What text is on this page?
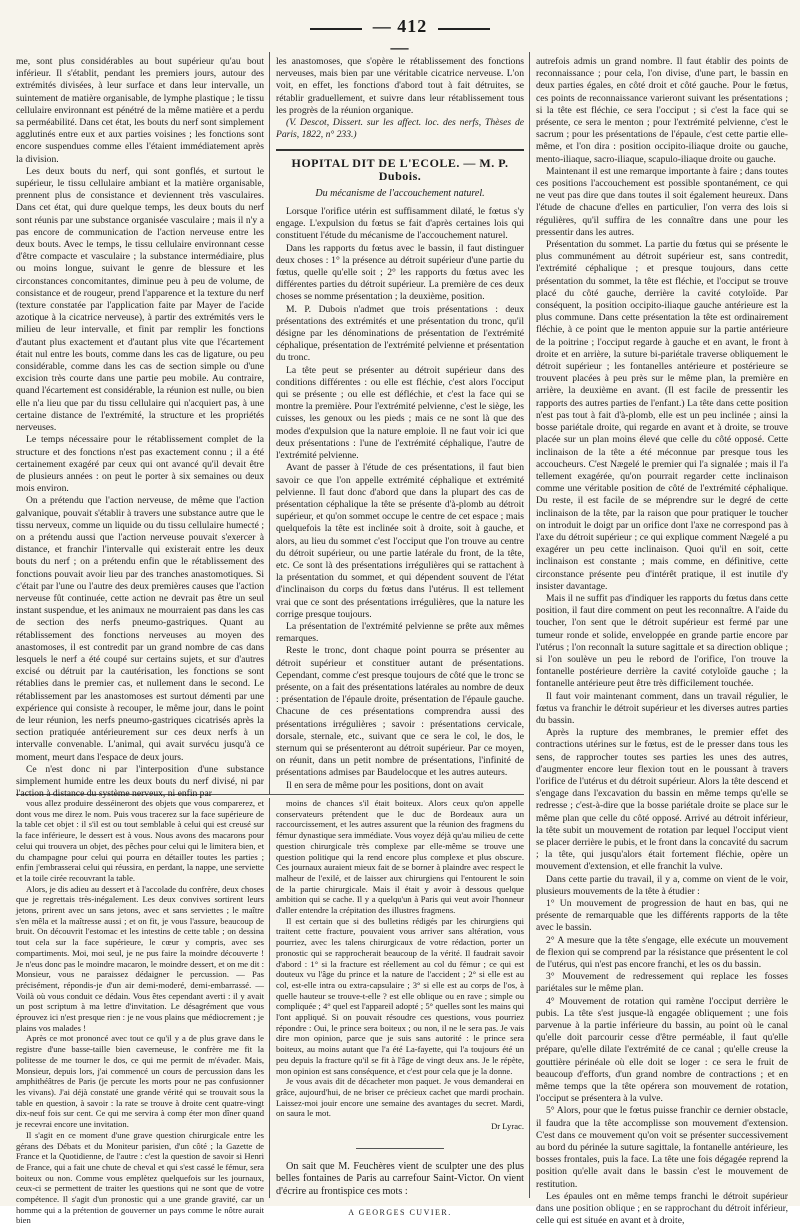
— 412 —

me, sont plus considérables au bout supérieur qu'au bout inférieur. Il s'établit, pendant les premiers jours, autour des extrémités divisées, à leur surface et dans leur intervalle, un suintement de matière organisable, de lymphe plastique ; le tissu cellulaire environnant est pénétré de la même matière et a perdu sa perméabilité. Dans cet état, les bouts du nerf sont simplement agglutinés entre eux et aux parties voisines ; les fonctions sont encore suspendues comme elles l'étaient immédiatement après la division.

Les deux bouts du nerf, qui sont gonflés, et surtout le supérieur, le tissu cellulaire ambiant et la matière organisable, prennent plus de consistance et deviennent très vasculaires. Dans cet état, qui dure quelque temps, les deux bouts du nerf sont réunis par une substance organisée vasculaire ; mais il n'y a pas encore de communication de l'action nerveuse entre les deux bouts. Avec le temps, le tissu cellulaire environnant cesse d'être compacte et vasculaire ; la substance intermédiaire, plus ou moins longue, suivant le genre de blessure et les circonstances concomitantes, diminue peu à peu de volume, de consistance et de rougeur, prend l'apparence et la texture du nerf (texture constatée par l'application faite par Mayer de l'acide azotique à la cicatrice nerveuse), à partir des extrémités vers le milieu de leur intervalle, et finit par remplir les fonctions d'autant plus exactement et d'autant plus vite que l'écartement était nul entre les bouts, comme dans les cas de ligature, ou peu considérable, comme dans les cas de section simple ou d'une excision très courte dans une partie peu mobile. Au contraire, quand l'écartement est considérable, la réunion est nulle, ou bien elle n'a lieu que par du tissu cellulaire qui n'acquiert pas, à une certaine distance de l'extrémité, la structure et les propriétés nerveuses.

Le temps nécessaire pour le rétablissement complet de la structure et des fonctions n'est pas exactement connu ; il a été certainement exagéré par ceux qui ont avancé qu'il devait être de plusieurs années : on peut le porter à six semaines ou deux mois environ.

On a prétendu que l'action nerveuse, de même que l'action galvanique, pouvait s'établir à travers une substance autre que le tissu nerveux, comme un liquide ou du tissu cellulaire humecté ; on a prétendu aussi que l'action nerveuse pouvait s'exercer à distance, et franchir l'intervalle qui existerait entre les deux bouts du nerf ; on a prétendu enfin que le rétablissement des fonctions pouvait avoir lieu par des tranches anastomotiques. Si c'était par l'une ou l'autre des deux premières causes que l'action nerveuse fût continuée, cette action ne devrait pas être un seul instant suspendue, et les animaux ne mourraient pas dans les cas de section des nerfs pneumo-gastriques. Quant au rétablissement des fonctions nerveuses au moyen des anastomoses, il est contredit par un grand nombre de cas dans lesquels le nerf a été coupé sur certains sujets, et sur d'autres excisé ou détruit par la cautérisation, les fonctions se sont rétablies dans le premier cas, et nullement dans le second. Le rétablissement par les anastomoses est surtout démenti par une expérience qui consiste à recouper, le même jour, dans le point de leur réunion, les nerfs pneumo-gastriques cicatrisés après la section pratiquée antérieurement sur ces deux nerfs à un intervalle convenable. L'animal, qui avait survécu jusqu'à ce moment, meurt dans l'espace de deux jours.

Ce n'est donc ni par l'interposition d'une substance simplement humide entre les deux bouts du nerf divisé, ni par l'action à distance du système nerveux, ni enfin par

les anastomoses, que s'opère le rétablissement des fonctions nerveuses, mais bien par une véritable cicatrice nerveuse. L'on voit, en effet, les fonctions d'abord tout à fait détruites, se rétablir graduellement, et suivre dans leur rétablissement tous les progrès de la réunion organique.

(V. Descot, Dissert. sur les affect. loc. des nerfs, Thèses de Paris, 1822, n° 233.)

HOPITAL DIT DE L'ECOLE. — M. P. Dubois.
Du mécanisme de l'accouchement naturel.

Lorsque l'orifice utérin est suffisamment dilaté, le fœtus s'y engage. L'expulsion du fœtus se fait d'après certaines lois qui constituent l'étude du mécanisme de l'accouchement naturel.

Dans les rapports du fœtus avec le bassin, il faut distinguer deux choses : 1° la présence au détroit supérieur d'une partie du fœtus, quelle qu'elle soit ; 2° les rapports du fœtus avec les différentes parties du détroit supérieur. La première de ces deux choses se nomme présentation ; la deuxième, position.

M. P. Dubois n'admet que trois présentations : deux présentations des extrémités et une présentation du tronc, qu'il désigne par les dénominations de présentation de l'extrémité céphalique, présentation de l'extrémité pelvienne et présentation du tronc.

La tête peut se présenter au détroit supérieur dans des conditions différentes : ou elle est fléchie, c'est alors l'occiput qui se présente ; ou elle est défléchie, et c'est la face qui se montre la première. Pour l'extrémité pelvienne, c'est le siège, les cuisses, les genoux ou les pieds ; mais ce ne sont là que des modes d'expulsion que la nature emploie. Il ne faut voir ici que deux présentations : l'une de l'extrémité céphalique, l'autre de l'extrémité pelvienne.

Avant de passer à l'étude de ces présentations, il faut bien savoir ce que l'on appelle extrémité céphalique et extrémité pelvienne. Il faut donc d'abord que dans la plupart des cas de présentation céphalique la tête se présente d'à-plomb au détroit supérieur, et qu'on sommet occupe le centre de cet espace ; mais quelquefois la tête est inclinée soit à droite, soit à gauche, et alors, au lieu du sommet c'est l'occiput que l'on trouve au centre du détroit supérieur, ou une partie latérale du front, de la tête, etc. Ce sont là des présentations irrégulières qui se rattachent à la présentation du sommet, et qui dépendent souvent de l'état d'inclinaison du corps du fœtus dans l'utérus. Il est tellement vrai que ce sont des présentations irrégulières, que la nature les corrige presque toujours.

La présentation de l'extrémité pelvienne se prête aux mêmes remarques.

Reste le tronc, dont chaque point pourra se présenter au détroit supérieur et constituer autant de présentations. Cependant, comme c'est presque toujours de côté que le tronc se présente, on a fait des présentations latérales au nombre de deux : présentation de l'épaule droite, présentation de l'épaule gauche. Chacune de ces présentations comprendra aussi des présentations irrégulières ; savoir : présentations cervicale, dorsale, sternale, etc., suivant que ce sera le col, le dos, le sternum qui se présenteront au détroit supérieur. Par ce moyen, on réunit, dans un petit nombre de présentations, l'infinité de présentations admises par Baudelocque et les autres auteurs.

Il en sera de même pour les positions, dont on avait

autrefois admis un grand nombre. Il faut établir des points de reconnaissance ; pour cela, l'on divise, d'une part, le bassin en deux parties égales, en côté droit et côté gauche. Pour le fœtus, ces points de reconnaissance varieront suivant les présentations ; si la tête est fléchie, ce sera l'occiput ; si c'est la face qui se présente, ce sera le menton ; pour l'extrémité pelvienne, c'est le sacrum ; pour les présentations de l'épaule, c'est cette partie elle-même, et l'on dira : position occipito-iliaque droite ou gauche, mento-iliaque, sacro-iliaque, scapulo-iliaque droite ou gauche.

Maintenant il est une remarque importante à faire ; dans toutes ces positions l'accouchement est possible spontanément, ce qui ne veut pas dire que dans toutes il soit également heureux. Dans l'étude de chacune d'elles en particulier, l'on verra des lois si régulières, qu'il suffira de les connaître dans une pour les pressentir dans les autres.

Présentation du sommet. La partie du fœtus qui se présente le plus communément au détroit supérieur est, sans contredit, l'extrémité céphalique ; et presque toujours, dans cette présentation du sommet, la tête est fléchie, et l'occiput se trouve placé du côté gauche, derrière la cavité cotyloïde. Par conséquent, la position occipito-iliaque gauche antérieure est la plus commune. Dans cette présentation la tête est ordinairement fléchie, à ce point que le menton appuie sur la partie antérieure de la poitrine ; l'occiput regarde à gauche et en avant, le front à droite et en arrière, la suture bi-pariétale traverse obliquement le détroit supérieur ; les fontanelles antérieure et postérieure se trouvent placées à peu près sur le même plan, la première en arrière, la deuxième en avant. (Il est facile de pressentir les rapports des autres parties de l'enfant.) La tête dans cette position n'est pas tout à fait d'à-plomb, elle est un peu inclinée ; ainsi la bosse pariétale droite, qui regarde en avant et à droite, se trouve placée sur un plan moins élevé que celle du côté opposé. Cette inclinaison de la tête a été méconnue par presque tous les accoucheurs. C'est Nægelé le premier qui l'a signalée ; mais il l'a tellement exagérée, qu'on pourrait regarder cette inclinaison comme une véritable position de côté de l'extrémité céphalique. Du reste, il est facile de se méprendre sur le degré de cette inclinaison de la tête, par la raison que pour pratiquer le toucher on introduit le doigt par un orifice dont l'axe ne correspond pas à l'axe du détroit supérieur ; ce qui explique comment Nægelé a pu exagérer un peu cette inclinaison. Quoi qu'il en soit, cette inclinaison est constante ; mais comme, en définitive, cette circonstance présente peu d'intérêt pratique, il est inutile d'y insister davantage.

Mais il ne suffit pas d'indiquer les rapports du fœtus dans cette position, il faut dire comment on peut les reconnaître. A l'aide du toucher, l'on sent que le détroit supérieur est fermé par une tumeur ronde et solide, enveloppée en grande partie encore par l'utérus ; l'on reconnaît la suture sagittale et sa direction oblique ; si l'on soulève un peu le rebord de l'orifice, l'on trouve la fontanelle postérieure derrière la cavité cotyloïde gauche ; la fontanelle antérieure peut être très difficilement touchée.

Il faut voir maintenant comment, dans un travail régulier, le fœtus va franchir le détroit supérieur et les diverses autres parties du bassin.

Après la rupture des membranes, le premier effet des contractions utérines sur le fœtus, est de le presser dans tous les sens, de rapprocher toutes ses parties les unes des autres, d'augmenter encore leur flexion tout en le poussant à travers l'orifice de l'utérus et du détroit supérieur. Alors la tête descend et s'engage dans l'excavation du bassin en même temps qu'elle se redresse ; c'est-à-dire que la bosse pariétale droite se place sur le même plan que celle du côté opposé. Arrivé au détroit inférieur, la tête subit un mouvement de rotation par lequel l'occiput vient se placer derrière le pubis, et le front dans la concavité du sacrum ; la tête, qui jusqu'alors était fortement fléchie, opère un mouvement d'extension, et elle franchit la vulve.

Dans cette partie du travail, il y a, comme on vient de le voir, plusieurs mouvements de la tête à étudier :

1° Un mouvement de progression de haut en bas, qui ne présente de remarquable que les différents rapports de la tête avec le bassin.

2° A mesure que la tête s'engage, elle exécute un mouvement de flexion qui se comprend par la résistance que présentent le col de l'utérus, qui n'est pas encore franchi, et les os du bassin.

3° Mouvement de redressement qui replace les fosses pariétales sur le même plan.

4° Mouvement de rotation qui ramène l'occiput derrière le pubis. La tête s'est jusque-là engagée obliquement ; une fois parvenue à la partie inférieure du bassin, au point où le canal qu'elle doit parcourir cesse d'être perméable, il faut qu'elle prépare, qu'elle dilate l'extrémité de ce canal ; qu'elle creuse la gouttière périnéale où elle doit se loger : ce sera le fruit de beaucoup d'efforts, d'un grand nombre de contractions ; et en même temps que la tête opérera son mouvement de rotation, l'occiput se présentera à la vulve.

5° Alors, pour que le fœtus puisse franchir ce dernier obstacle, il faudra que la tête accomplisse son mouvement d'extension. C'est dans ce mouvement qu'on voit se présenter successivement au bord du périnée la suture sagittale, la fontanelle antérieure, les bosses frontales, puis la face. La tête une fois dégagée reprend la position qu'elle avait dans le bassin c'est le mouvement de restitution.

Les épaules ont en même temps franchi le détroit supérieur dans une position oblique ; en se rapprochant du détroit inférieur, celle qui est située en avant et à droite,

vous allez produire desséineront des objets que vous comparerez, et dont vous me direz le nom. Puis vous tracerez sur la face supérieure de la table cet objet : il s'il est ou tout semblable à celui qui est creusé sur la face inférieure, le dessert est à vous. Nous avons des macarons pour celui qui trouvera un objet, des pêches pour celui qui le limitera bien, et du champagne pour celui qui pourra en détailler toutes les parties ; enfin j'embrasserai celui qui réussira, en perdant, la nappe, une serviette et la toile cirée recouvrant la table.

Alors, je dis adieu au dessert et à l'accolade du confrère, deux choses que je regrettais très-inégalement. Les deux convives sortirent leurs jetons, prirent avec un sans jetons, avec et sans serviettes ; le maître s'en mêla et la maîtresse aussi ; et on fit, je vous l'assure, beaucoup de bruit. On découvrit l'estomac et les intestins de cette table ; on dessina tout cela sur la face supérieure, le cœur y compris, avec ses compartiments. Moi, moi seul, je ne pus faire la moindre découverte ! Je n'eus donc pas le moindre macaron, le moindre dessert, et on me dit : Monsieur, vous ne paraissez dédaigner le percussion. — Pas précisément, répondis-je d'un air demi-moderé, demi-embarrassé. — Voilà où vous conduit ce dédain. Vous êtes cependant averti : il y avait un post scriptum à ma lettre d'invitation. Le désagrément que vous éprouvez ici n'est presque rien : je ne vous plains que médiocrement ; je plains vos malades !

Après ce mot prononcé avec tout ce qu'il y a de plus grave dans le registre d'une basse-taille bien caverneuse, le confrère me fit la politesse de me tourner le dos, ce qui me permit de m'évader. Mais, Monsieur, depuis lors, j'ai commencé un cours de percussion dans les amphithéâtres de Paris (je percute les morts pour ne pas confusionner les vivans). J'ai déjà constaté une grande vérité qui se trouvait sous la table en question, à savoir : la rate se trouve à droite cent quatre-vingt dix-neuf fois sur cent. Ce qui me servira à comp éter mon dîner quand je recevrai encore une invitation.

Il s'agit en ce moment d'une grave question chirurgicale entre les gérans des Débats et du Moniteur parisien, d'un côté ; la Gazette de France et la Quotidienne, de l'autre : c'est la question de savoir si Henri de France, qui a fait une chute de cheval et qui s'est cassé le fémur, sera boiteux ou non. Comme vous emplètez quelquefois sur les journaux, ceux-ci se permettent de traiter les questions qui ne sont que de votre compétence. Il s'agit d'un pronostic qui a une grande gravité, car un homme qui a la prétention de gouverner un pays comme le nôtre aurait bien

moins de chances s'il était boiteux. Alors ceux qu'on appelle conservateurs prétendent que le duc de Bordeaux aura un raccourcissement, et les autres assurent que la réunion des fragmens du fémur dynastique sera immédiate. Vous voyez déjà qu'au milieu de cette question chirurgicale très complexe par elle-même se trouve une question politique qui la rend encore plus complexe et plus obscure. Ces journaux auraient mieux fait de se borner à plaindre avec respect le malheur de l'exilé, et de laisser aux chirurgiens qui l'entourent le soin de la partie chirurgicale. Mais il était y avoir à dessous quelque ambition qui se cache. Il y a quelqu'un à Paris qui veut avoir l'honneur d'aller entendre la crépitation des illustres fragmens.

Il est certain que si des bulletins rédigés par les chirurgiens qui traitent cette fracture, pouvaient vous arriver sans altération, vous pourriez, avec les talens chirurgicaux de votre rédaction, porter un pronostic qui se rapprocherait beaucoup de la vérité. Il faudrait savoir d'abord : 1° si la fracture est réellement au col du fémur ; ce qui est douteux vu l'âge du prince et la nature de l'accident ; 2° si elle est au col, est-elle intra ou extra-capsulaire ; 3° si elle est au corps de l'os, à quelle hauteur se trouve-t-elle ? est elle oblique ou en rave ; simple ou compliquée ; 4° quel est l'appareil adopté ; 5° quelles sont les mains qui l'ont appliqué. Si on pouvait résoudre ces questions, vous pourriez répondre : Oui, le prince sera boiteux ; ou non, il ne le sera pas. Je vais dire mon opinion, parce que je suis sans autorité : le prince sera boiteux, au moins autant que l'a été La-fayette, qui l'a toujours été un peu depuis la fracture qu'il se fit à l'âge de vingt deux ans. Je le répète, mon opinion est sans conséquence, et c'est pour cela que je la donne.

Je vous avais dit de décacheter mon paquet. Je vous demanderai en grâce, aujourd'hui, de ne briser ce précieux cachet que mardi prochain. Laissez-moi jouir encore une semaine des avantages du secret. Mardi, on saura le mot.

Dr Lyrac.

On sait que M. Feuchères vient de sculpter une des plus belles fontaines de Paris au carrefour Saint-Victor. On vient d'écrire au frontispice ces mots :

A GEORGES CUVIER.
